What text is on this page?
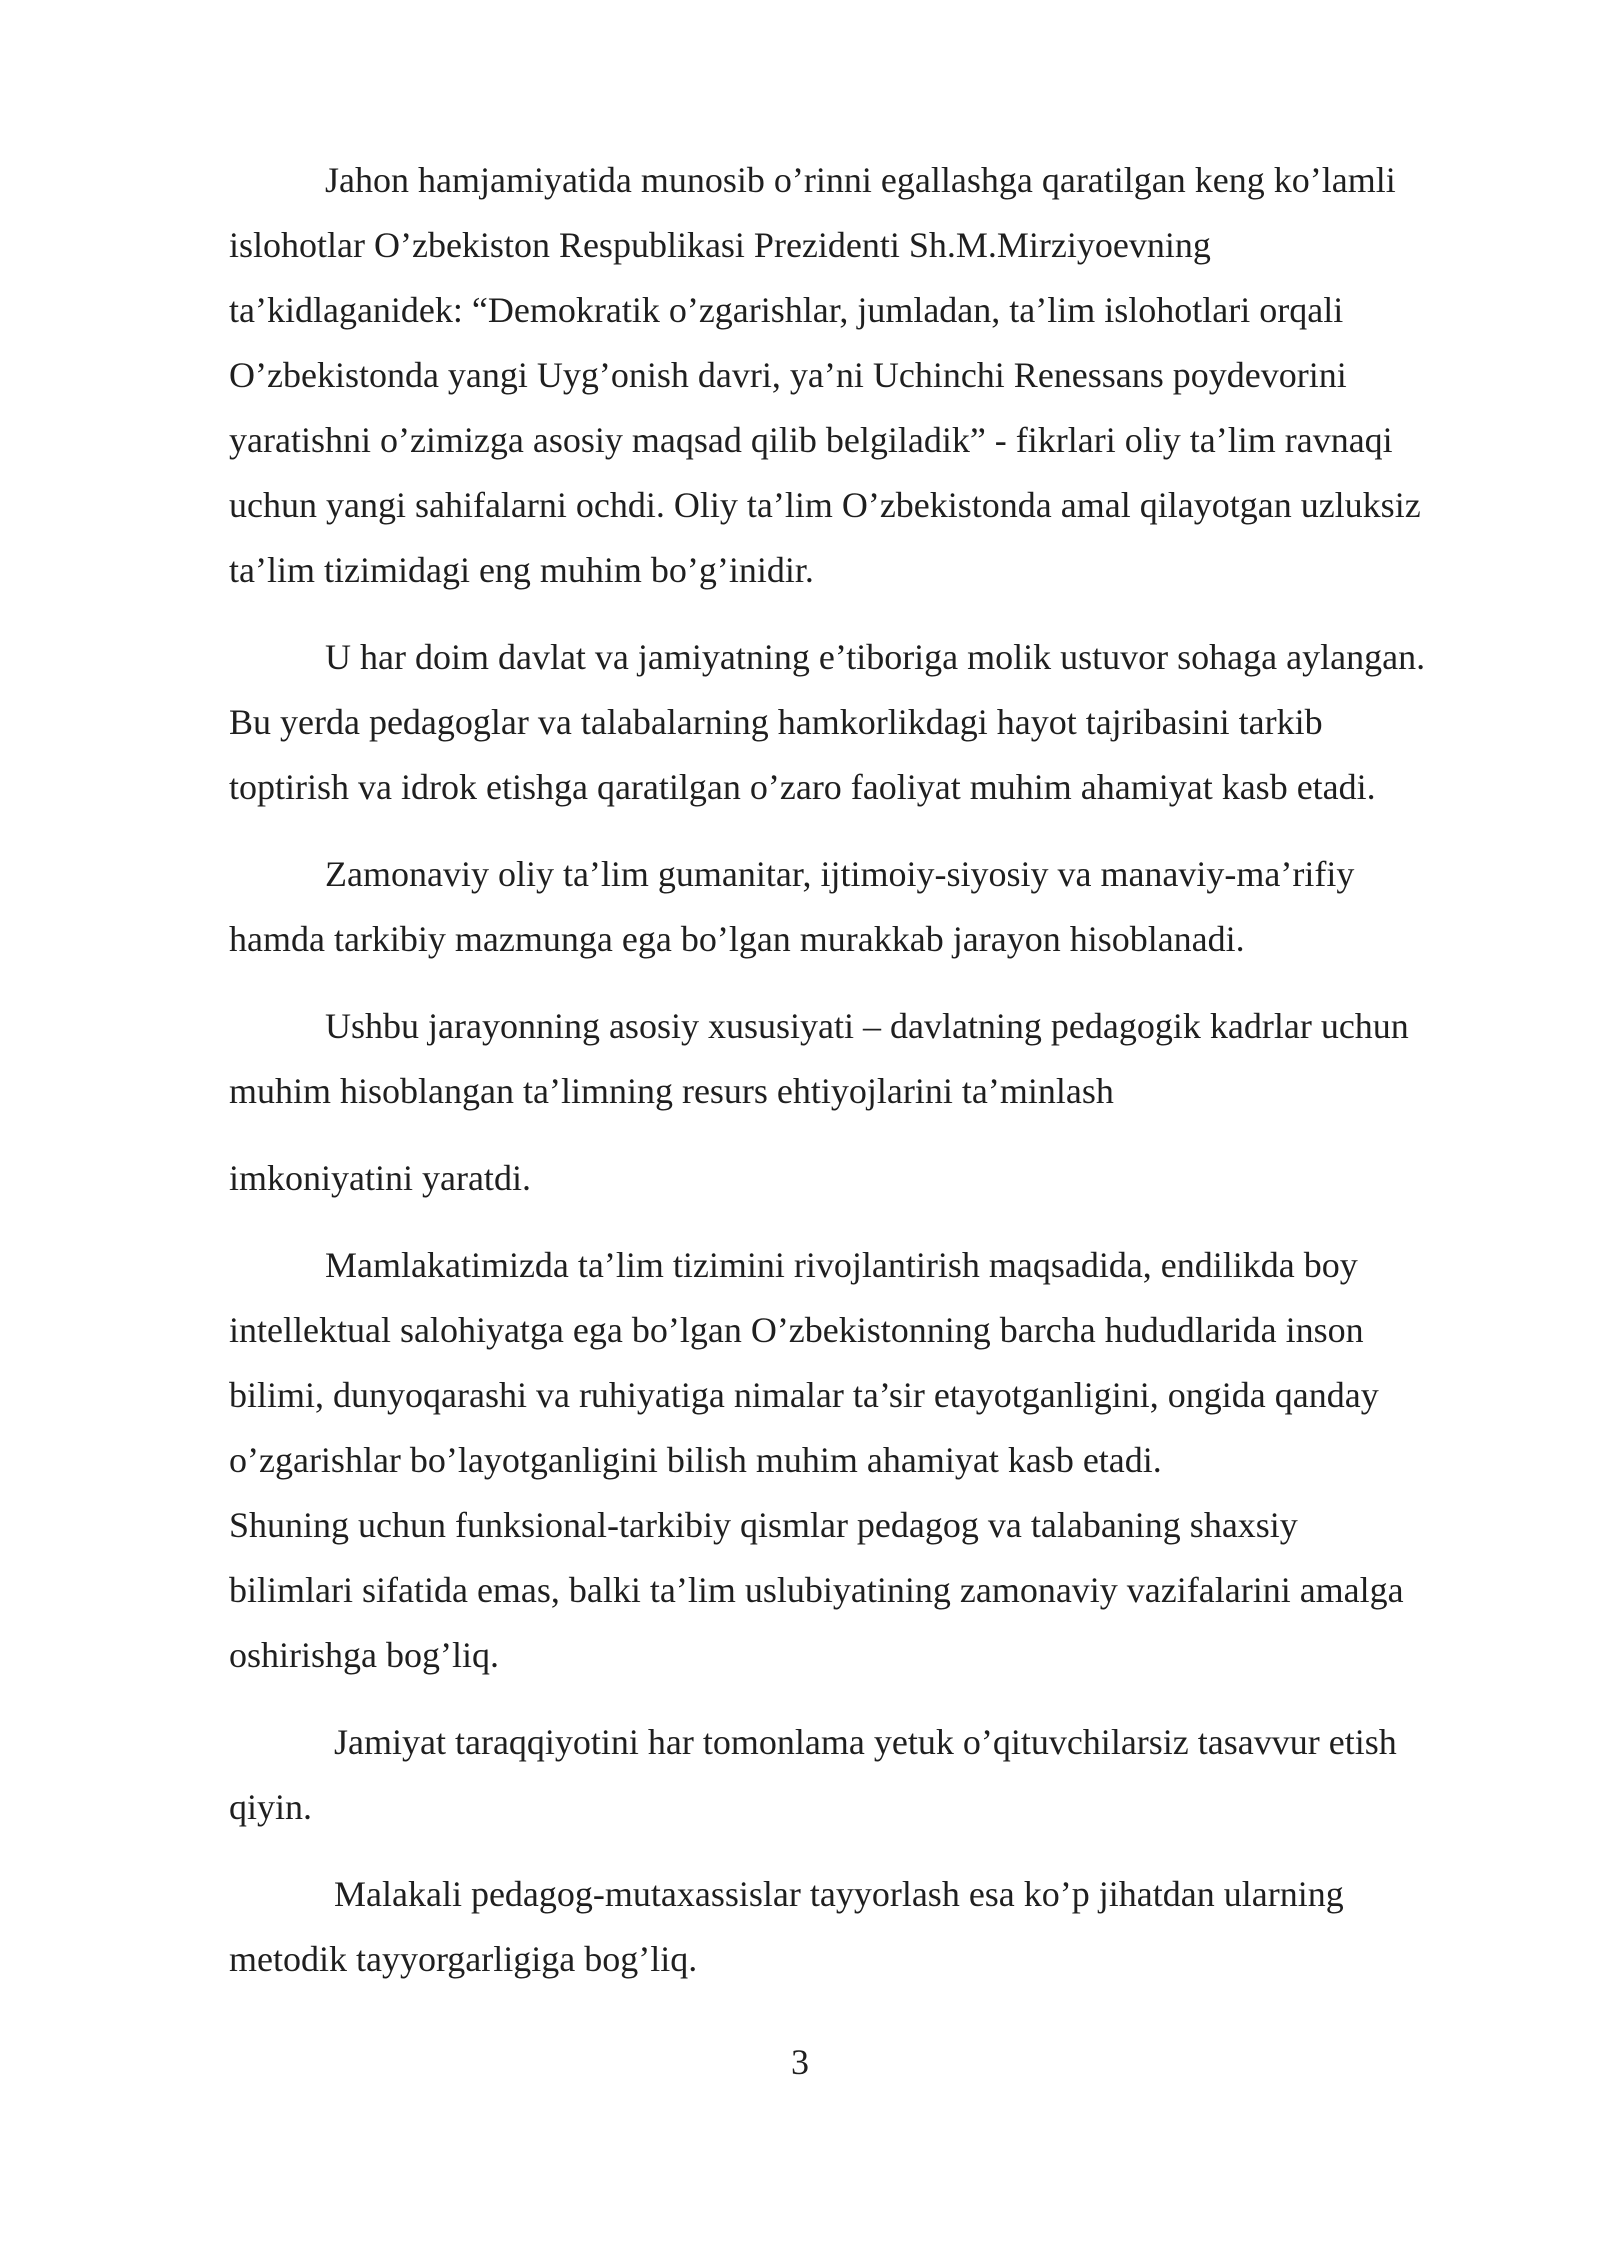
Jahon hamjamiyatida munosib o’rinni egallashga qaratilgan keng ko’lamli
islohotlar O’zbekiston Respublikasi Prezidenti Sh.M.Mirziyoevning
ta’kidlaganidek: “Demokratik o’zgarishlar, jumladan, ta’lim islohotlari orqali
O’zbekistonda yangi Uyg’onish davri, ya’ni Uchinchi Renessans poydevorini
yaratishni o’zimizga asosiy maqsad qilib belgiladik” - fikrlari oliy ta’lim ravnaqi
uchun yangi sahifalarni ochdi. Oliy ta’lim O’zbekistonda amal qilayotgan uzluksiz
ta’lim tizimidagi eng muhim bo’g’inidir.

U har doim davlat va jamiyatning e’tiboriga molik ustuvor sohaga aylangan.
Bu yerda pedagoglar va talabalarning hamkorlikdagi hayot tajribasini tarkib
toptirish va idrok etishga qaratilgan o’zaro faoliyat muhim ahamiyat kasb etadi.

Zamonaviy oliy ta’lim gumanitar, ijtimoiy-siyosiy va manaviy-ma’rifiy
hamda tarkibiy mazmunga ega bo’lgan murakkab jarayon hisoblanadi.

Ushbu jarayonning asosiy xususiyati – davlatning pedagogik kadrlar uchun
muhim hisoblangan ta’limning resurs ehtiyojlarini ta’minlash

imkoniyatini yaratdi.

Mamlakatimizda ta’lim tizimini rivojlantirish maqsadida, endilikda boy
intellektual salohiyatga ega bo’lgan O’zbekistonning barcha hududlarida inson
bilimi, dunyoqarashi va ruhiyatiga nimalar ta’sir etayotganligini, ongida qanday
o’zgarishlar bo’layotganligini bilish muhim ahamiyat kasb etadi.
Shuning uchun funksional-tarkibiy qismlar pedagog va talabaning shaxsiy
bilimlari sifatida emas, balki ta’lim uslubiyatining zamonaviy vazifalarini amalga
oshirishga bog’liq.

Jamiyat taraqqiyotini har tomonlama yetuk o’qituvchilarsiz tasavvur etish
qiyin.

Malakali pedagog-mutaxassislar tayyorlash esa ko’p jihatdan ularning
metodik tayyorgarligiga bog’liq.

3
